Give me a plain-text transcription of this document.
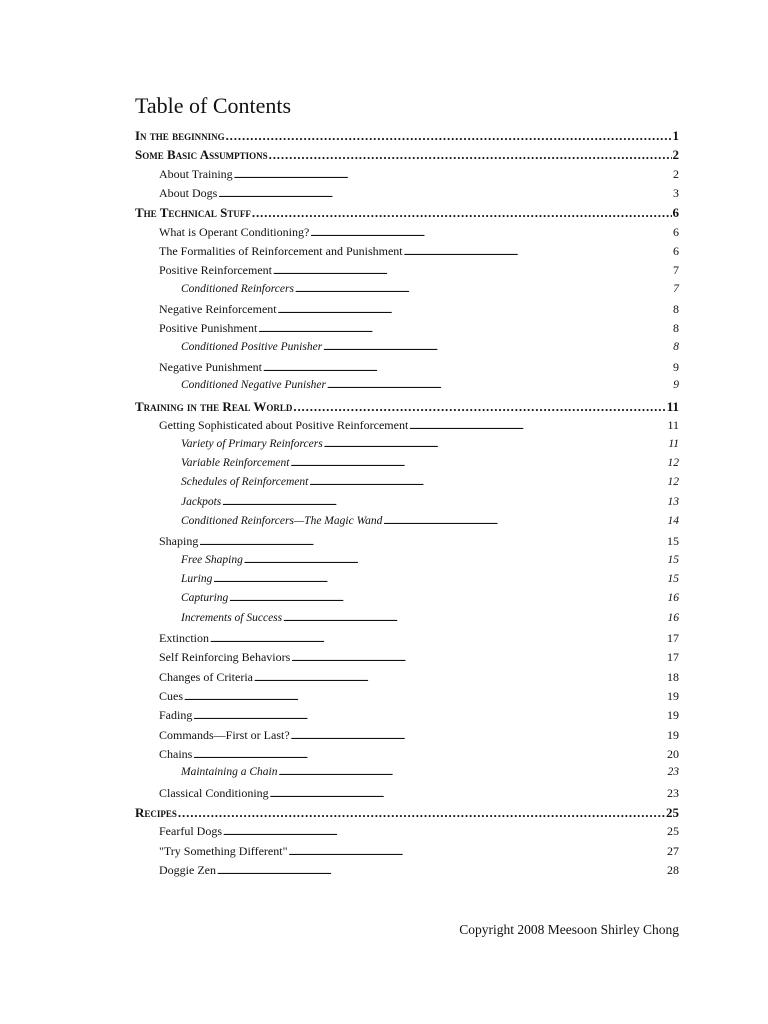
Table of Contents
In the beginning . . .	1
Some Basic Assumptions . . .	2
About Training . . .	2
About Dogs . . .	3
The Technical Stuff . . .	6
What is Operant Conditioning? . . .	6
The Formalities of Reinforcement and Punishment . . .	6
Positive Reinforcement . . .	7
Conditioned Reinforcers . . .	7
Negative Reinforcement . . .	8
Positive Punishment . . .	8
Conditioned Positive Punisher . . .	8
Negative Punishment . . .	9
Conditioned Negative Punisher . . .	9
Training in the Real World . . .	11
Getting Sophisticated about Positive Reinforcement . . .	11
Variety of Primary Reinforcers . . .	11
Variable Reinforcement . . .	12
Schedules of Reinforcement . . .	12
Jackpots . . .	13
Conditioned Reinforcers—The Magic Wand . . .	14
Shaping . . .	15
Free Shaping . . .	15
Luring . . .	15
Capturing . . .	16
Increments of Success . . .	16
Extinction . . .	17
Self Reinforcing Behaviors . . .	17
Changes of Criteria . . .	18
Cues . . .	19
Fading . . .	19
Commands—First or Last? . . .	19
Chains . . .	20
Maintaining a Chain . . .	23
Classical Conditioning . . .	23
Recipes . . .	25
Fearful Dogs . . .	25
"Try Something Different" . . .	27
Doggie Zen . . .	28

Copyright 2008 Meesoon Shirley Chong
